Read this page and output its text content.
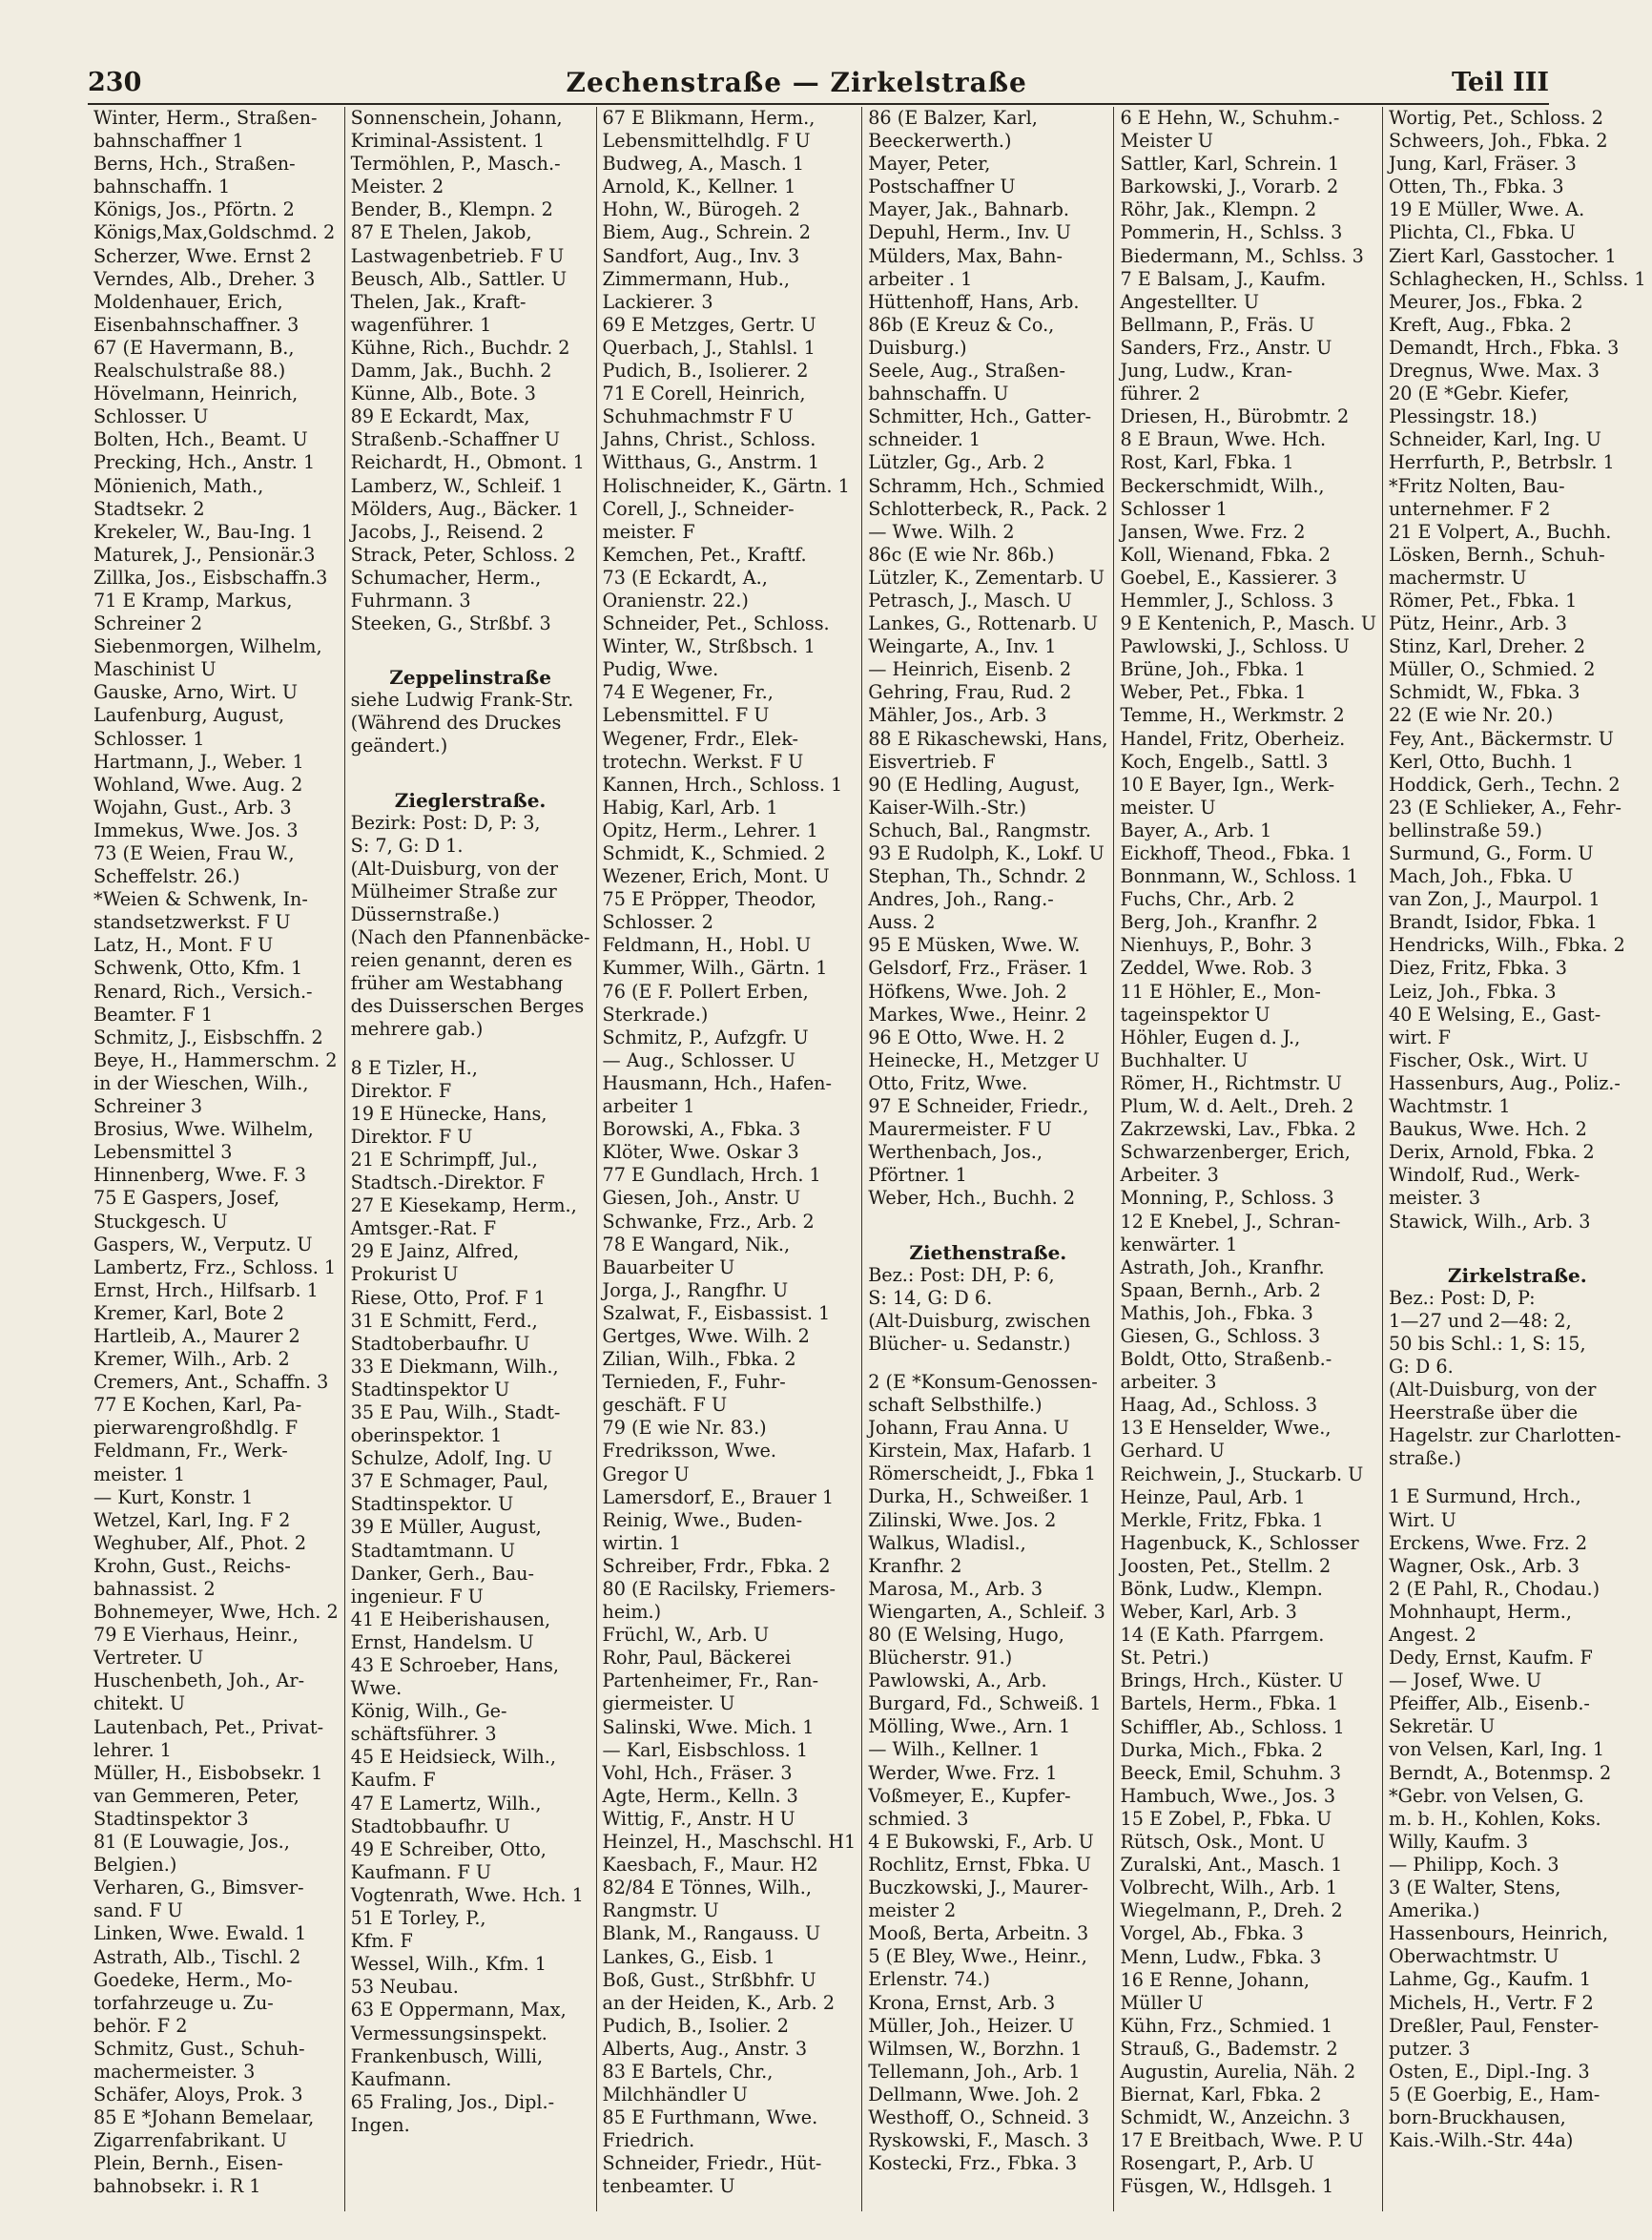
230	Zechenstraße — Zirkelstraße	Teil III
Winter, Herm., Straßen-
bahnschaffner 1
Berns, Hch., Straßen-
bahnschaffn. 1
Königs, Jos., Pförtn. 2
Königs,Max,Goldschmd. 2
Scherzer, Wwe. Ernst 2
Verndes, Alb., Dreher. 3
Moldenhauer, Erich,
Eisenbahnschaffner. 3
67 (E Havermann, B.,
Realschulstraße 88.)
Hövelmann, Heinrich,
Schlosser. U
Bolten, Hch., Beamt. U
Precking, Hch., Anstr. 1
Mönienich, Math.,
Stadtsekr. 2
Krekeler, W., Bau-Ing. 1
Maturek, J., Pensionär.3
Zillka, Jos., Eisbschaffn.3
71 E Kramp, Markus,
Schreiner 2
Siebenmorgen, Wilhelm,
Maschinist U
Gauske, Arno, Wirt. U
Laufenburg, August,
Schlosser. 1
Hartmann, J., Weber. 1
Wohland, Wwe. Aug. 2
Wojahn, Gust., Arb. 3
Immekus, Wwe. Jos. 3
73 (E Weien, Frau W.,
Scheffelstr. 26.)
*Weien & Schwenk, In-
standsetzwerkst. F U
Latz, H., Mont. F U
Schwenk, Otto, Kfm. 1
Renard, Rich., Versich.-
Beamter. F 1
Schmitz, J., Eisbschffn. 2
Beye, H., Hammerschm. 2
in der Wieschen, Wilh.,
Schreiner 3
Brosius, Wwe. Wilhelm,
Lebensmittel 3
Hinnenberg, Wwe. F. 3
75 E Gaspers, Josef,
Stuckgesch. U
Gaspers, W., Verputz. U
Lambertz, Frz., Schloss. 1
Ernst, Hrch., Hilfsarb. 1
Kremer, Karl, Bote 2
Hartleib, A., Maurer 2
Kremer, Wilh., Arb. 2
Cremers, Ant., Schaffn. 3
77 E Kochen, Karl, Pa-
pierwarengroßhdlg. F
Feldmann, Fr., Werk-
meister. 1
— Kurt, Konstr. 1
Wetzel, Karl, Ing. F 2
Weghuber, Alf., Phot. 2
Krohn, Gust., Reichs-
bahnassist. 2
Bohnemeyer, Wwe, Hch. 2
79 E Vierhaus, Heinr.,
Vertreter. U
Huschenbeth, Joh., Ar-
chitekt. U
Lautenbach, Pet., Privat-
lehrer. 1
Müller, H., Eisbobsekr. 1
van Gemmeren, Peter,
Stadtinspektor 3
81 (E Louwagie, Jos.,
Belgien.)
Verharen, G., Bimsver-
sand. F U
Linken, Wwe. Ewald. 1
Astrath, Alb., Tischl. 2
Goedeke, Herm., Mo-
torfahrzeuge u. Zu-
behör. F 2
Schmitz, Gust., Schuh-
machermeister. 3
Schäfer, Aloys, Prok. 3
85 E *Johann Bemelaar,
Zigarrenfabrikant. U
Plein, Bernh., Eisen-
bahnobsekr. i. R 1
Sonnenschein, Johann,
Kriminal-Assistent. 1
Termöhlen, P., Masch.-
Meister. 2
Bender, B., Klempn. 2
87 E Thelen, Jakob,
Lastwagenbetrieb. F U
Beusch, Alb., Sattler. U
Thelen, Jak., Kraft-
wagenführer. 1
Kühne, Rich., Buchdr. 2
Damm, Jak., Buchh. 2
Künne, Alb., Bote. 3
89 E Eckardt, Max,
Straßenb.-Schaffner U
Reichardt, H., Obmont. 1
Lamberz, W., Schleif. 1
Mölders, Aug., Bäcker. 1
Jacobs, J., Reisend. 2
Strack, Peter, Schloss. 2
Schumacher, Herm.,
Fuhrmann. 3
Steeken, G., Strßbf. 3
Zeppelinstraße
siehe Ludwig Frank-Str.
(Während des Druckes
geändert.)
Zieglerstraße.
Bezirk: Post: D, P: 3,
S: 7, G: D 1.
(Alt-Duisburg, von der
Mülheimer Straße zur
Düssernstraße.)
(Nach den Pfannenbäcke-
reien genannt, deren es
früher am Westabhang
des Duisserschen Berges
mehrere gab.)
8 E Tizler, H.,
Direktor. F
19 E Hünecke, Hans,
Direktor. F U
21 E Schrimpff, Jul.,
Stadtsch.-Direktor. F
27 E Kiesekamp, Herm.,
Amtsger.-Rat. F
29 E Jainz, Alfred,
Prokurist U
Riese, Otto, Prof. F 1
31 E Schmitt, Ferd.,
Stadtoberbaufhr. U
33 E Diekmann, Wilh.,
Stadtinspektor U
35 E Pau, Wilh., Stadt-
oberinspektor. 1
Schulze, Adolf, Ing. U
37 E Schmager, Paul,
Stadtinspektor. U
39 E Müller, August,
Stadtamtmann. U
Danker, Gerh., Bau-
ingenieur. F U
41 E Heiberishausen,
Ernst, Handelsm. U
43 E Schroeber, Hans,
Wwe.
König, Wilh., Ge-
schäftsführer. 3
45 E Heidsieck, Wilh.,
Kaufm. F
47 E Lamertz, Wilh.,
Stadtobbaufhr. U
49 E Schreiber, Otto,
Kaufmann. F U
Vogtenrath, Wwe. Hch. 1
51 E Torley, P.,
Kfm. F
Wessel, Wilh., Kfm. 1
53 Neubau.
63 E Oppermann, Max,
Vermessungsinspekt.
Frankenbusch, Willi,
Kaufmann.
65 Fraling, Jos., Dipl.-
Ingen.
67 E Blikmann, Herm.,
Lebensmittelhdlg. F U
Budweg, A., Masch. 1
Arnold, K., Kellner. 1
Hohn, W., Bürogeh. 2
Biem, Aug., Schrein. 2
Sandfort, Aug., Inv. 3
Zimmermann, Hub.,
Lackierer. 3
69 E Metzges, Gertr. U
Querbach, J., Stahlsl. 1
Pudich, B., Isolierer. 2
71 E Corell, Heinrich,
Schuhmachmstr F U
Jahns, Christ., Schloss.
Witthaus, G., Anstrm. 1
Holischneider, K., Gärtn. 1
Corell, J., Schneider-
meister. F
Kemchen, Pet., Kraftf.
73 (E Eckardt, A.,
Oranienstr. 22.)
Schneider, Pet., Schloss.
Winter, W., Strßbsch. 1
Pudig, Wwe.
74 E Wegener, Fr.,
Lebensmittel. F U
Wegener, Frdr., Elek-
trotechn. Werkst. F U
Kannen, Hrch., Schloss. 1
Habig, Karl, Arb. 1
Opitz, Herm., Lehrer. 1
Schmidt, K., Schmied. 2
Wezener, Erich, Mont. U
75 E Pröpper, Theodor,
Schlosser. 2
Feldmann, H., Hobl. U
Kummer, Wilh., Gärtn. 1
76 (E F. Pollert Erben,
Sterkrade.)
Schmitz, P., Aufzgfr. U
— Aug., Schlosser. U
Hausmann, Hch., Hafen-
arbeiter 1
Borowski, A., Fbka. 3
Klöter, Wwe. Oskar 3
77 E Gundlach, Hrch. 1
Giesen, Joh., Anstr. U
Schwanke, Frz., Arb. 2
78 E Wangard, Nik.,
Bauarbeiter U
Jorga, J., Rangfhr. U
Szalwat, F., Eisbassist. 1
Gertges, Wwe. Wilh. 2
Zilian, Wilh., Fbka. 2
Ternieden, F., Fuhr-
geschäft. F U
79 (E wie Nr. 83.)
Fredriksson, Wwe.
Gregor U
Lamersdorf, E., Brauer 1
Reinig, Wwe., Buden-
wirtin. 1
Schreiber, Frdr., Fbka. 2
80 (E Racilsky, Friemers-
heim.)
Früchl, W., Arb. U
Rohr, Paul, Bäckerei
Partenheimer, Fr., Ran-
giermeister. U
Salinski, Wwe. Mich. 1
— Karl, Eisbschloss. 1
Vohl, Hch., Fräser. 3
Agte, Herm., Kelln. 3
Wittig, F., Anstr. H U
Heinzel, H., Maschschl. H1
Kaesbach, F., Maur. H2
82/84 E Tönnes, Wilh.,
Rangmstr. U
Blank, M., Rangauss. U
Lankes, G., Eisb. 1
Boß, Gust., Strßbhfr. U
an der Heiden, K., Arb. 2
Pudich, B., Isolier. 2
Alberts, Aug., Anstr. 3
83 E Bartels, Chr.,
Milchhändler U
85 E Furthmann, Wwe.
Friedrich.
Schneider, Friedr., Hüt-
tenbeamter. U
86 (E Balzer, Karl,
Beeckerwerth.)
Mayer, Peter,
Postschaffner U
Mayer, Jak., Bahnarb.
Depuhl, Herm., Inv. U
Mülders, Max, Bahn-
arbeiter . 1
Hüttenhoff, Hans, Arb.
86b (E Kreuz & Co.,
Duisburg.)
Seele, Aug., Straßen-
bahnschaffn. U
Schmitter, Hch., Gatter-
schneider. 1
Lützler, Gg., Arb. 2
Schramm, Hch., Schmied
Schlotterbeck, R., Pack. 2
— Wwe. Wilh. 2
86c (E wie Nr. 86b.)
Lützler, K., Zementarb. U
Petrasch, J., Masch. U
Lankes, G., Rottenarb. U
Weingarte, A., Inv. 1
— Heinrich, Eisenb. 2
Gehring, Frau, Rud. 2
Mähler, Jos., Arb. 3
88 E Rikaschewski, Hans,
Eisvertrieb. F
90 (E Hedling, August,
Kaiser-Wilh.-Str.)
Schuch, Bal., Rangmstr.
93 E Rudolph, K., Lokf. U
Stephan, Th., Schndr. 2
Andres, Joh., Rang.-
Auss. 2
95 E Müsken, Wwe. W.
Gelsdorf, Frz., Fräser. 1
Höfkens, Wwe. Joh. 2
Markes, Wwe., Heinr. 2
96 E Otto, Wwe. H. 2
Heinecke, H., Metzger U
Otto, Fritz, Wwe.
97 E Schneider, Friedr.,
Maurermeister. F U
Werthenbach, Jos.,
Pförtner. 1
Weber, Hch., Buchh. 2
Ziethenstraße.
Bez.: Post: DH, P: 6,
S: 14, G: D 6.
(Alt-Duisburg, zwischen
Blücher- u. Sedanstr.)
2 (E *Konsum-Genossen-
schaft Selbsthilfe.)
Johann, Frau Anna. U
Kirstein, Max, Hafarb. 1
Römerscheidt, J., Fbka 1
Durka, H., Schweißer. 1
Zilinski, Wwe. Jos. 2
Walkus, Wladisl.,
Kranfhr. 2
Marosa, M., Arb. 3
Wiengarten, A., Schleif. 3
80 (E Welsing, Hugo,
Blücherstr. 91.)
Pawlowski, A., Arb.
Burgard, Fd., Schweiß. 1
Mölling, Wwe., Arn. 1
— Wilh., Kellner. 1
Werder, Wwe. Frz. 1
Voßmeyer, E., Kupfer-
schmied. 3
4 E Bukowski, F., Arb. U
Rochlitz, Ernst, Fbka. U
Buczkowski, J., Maurer-
meister 2
Mooß, Berta, Arbeitn. 3
5 (E Bley, Wwe., Heinr.,
Erlenstr. 74.)
Krona, Ernst, Arb. 3
Müller, Joh., Heizer. U
Wilmsen, W., Borzhn. 1
Tellemann, Joh., Arb. 1
Dellmann, Wwe. Joh. 2
Westhoff, O., Schneid. 3
Ryskowski, F., Masch. 3
Kostecki, Frz., Fbka. 3
6 E Hehn, W., Schuhm.-
Meister U
Sattler, Karl, Schrein. 1
Barkowski, J., Vorarb. 2
Röhr, Jak., Klempn. 2
Pommerin, H., Schlss. 3
Biedermann, M., Schlss. 3
7 E Balsam, J., Kaufm.
Angestellter. U
Bellmann, P., Fräs. U
Sanders, Frz., Anstr. U
Jung, Ludw., Kran-
führer. 2
Driesen, H., Bürobmtr. 2
8 E Braun, Wwe. Hch.
Rost, Karl, Fbka. 1
Beckerschmidt, Wilh.,
Schlosser 1
Jansen, Wwe. Frz. 2
Koll, Wienand, Fbka. 2
Goebel, E., Kassierer. 3
Hemmler, J., Schloss. 3
9 E Kentenich, P., Masch. U
Pawlowski, J., Schloss. U
Brüne, Joh., Fbka. 1
Weber, Pet., Fbka. 1
Temme, H., Werkmstr. 2
Handel, Fritz, Oberheiz.
Koch, Engelb., Sattl. 3
10 E Bayer, Ign., Werk-
meister. U
Bayer, A., Arb. 1
Eickhoff, Theod., Fbka. 1
Bonnmann, W., Schloss. 1
Fuchs, Chr., Arb. 2
Berg, Joh., Kranfhr. 2
Nienhuys, P., Bohr. 3
Zeddel, Wwe. Rob. 3
11 E Höhler, E., Mon-
tageinspektor U
Höhler, Eugen d. J.,
Buchhalter. U
Römer, H., Richtmstr. U
Plum, W. d. Aelt., Dreh. 2
Zakrzewski, Lav., Fbka. 2
Schwarzenberger, Erich,
Arbeiter. 3
Monning, P., Schloss. 3
12 E Knebel, J., Schran-
kenwärter. 1
Astrath, Joh., Kranfhr.
Spaan, Bernh., Arb. 2
Mathis, Joh., Fbka. 3
Giesen, G., Schloss. 3
Boldt, Otto, Straßenb.-
arbeiter. 3
Haag, Ad., Schloss. 3
13 E Henselder, Wwe.,
Gerhard. U
Reichwein, J., Stuckarb. U
Heinze, Paul, Arb. 1
Merkle, Fritz, Fbka. 1
Hagenbuck, K., Schlosser
Joosten, Pet., Stellm. 2
Bönk, Ludw., Klempn.
Weber, Karl, Arb. 3
14 (E Kath. Pfarrgem.
St. Petri.)
Brings, Hrch., Küster. U
Bartels, Herm., Fbka. 1
Schiffler, Ab., Schloss. 1
Durka, Mich., Fbka. 2
Beeck, Emil, Schuhm. 3
Hambuch, Wwe., Jos. 3
15 E Zobel, P., Fbka. U
Rütsch, Osk., Mont. U
Zuralski, Ant., Masch. 1
Volbrecht, Wilh., Arb. 1
Wiegelmann, P., Dreh. 2
Vorgel, Ab., Fbka. 3
Menn, Ludw., Fbka. 3
16 E Renne, Johann,
Müller U
Kühn, Frz., Schmied. 1
Strauß, G., Bademstr. 2
Augustin, Aurelia, Näh. 2
Biernat, Karl, Fbka. 2
Schmidt, W., Anzeichn. 3
17 E Breitbach, Wwe. P. U
Rosengart, P., Arb. U
Füsgen, W., Hdlsgeh. 1
Wortig, Pet., Schloss. 2
Schweers, Joh., Fbka. 2
Jung, Karl, Fräser. 3
Otten, Th., Fbka. 3
19 E Müller, Wwe. A.
Plichta, Cl., Fbka. U
Ziert Karl, Gasstocher. 1
Schlaghecken, H., Schlss. 1
Meurer, Jos., Fbka. 2
Kreft, Aug., Fbka. 2
Demandt, Hrch., Fbka. 3
Dregnus, Wwe. Max. 3
20 (E *Gebr. Kiefer,
Plessingstr. 18.)
Schneider, Karl, Ing. U
Herrfurth, P., Betrbslr. 1
*Fritz Nolten, Bau-
unternehmer. F 2
21 E Volpert, A., Buchh.
Lösken, Bernh., Schuh-
machermstr. U
Römer, Pet., Fbka. 1
Pütz, Heinr., Arb. 3
Stinz, Karl, Dreher. 2
Müller, O., Schmied. 2
Schmidt, W., Fbka. 3
22 (E wie Nr. 20.)
Fey, Ant., Bäckermstr. U
Kerl, Otto, Buchh. 1
Hoddick, Gerh., Techn. 2
23 (E Schlieker, A., Fehr-
bellinstraße 59.)
Surmund, G., Form. U
Mach, Joh., Fbka. U
van Zon, J., Maurpol. 1
Brandt, Isidor, Fbka. 1
Hendricks, Wilh., Fbka. 2
Diez, Fritz, Fbka. 3
Leiz, Joh., Fbka. 3
40 E Welsing, E., Gast-
wirt. F
Fischer, Osk., Wirt. U
Hassenburs, Aug., Poliz.-
Wachtmstr. 1
Baukus, Wwe. Hch. 2
Derix, Arnold, Fbka. 2
Windolf, Rud., Werk-
meister. 3
Stawick, Wilh., Arb. 3
Zirkelstraße.
Bez.: Post: D, P:
1—27 und 2—48: 2,
50 bis Schl.: 1, S: 15,
G: D 6.
(Alt-Duisburg, von der
Heerstraße über die
Hagelstr. zur Charlotten-
straße.)
1 E Surmund, Hrch.,
Wirt. U
Erckens, Wwe. Frz. 2
Wagner, Osk., Arb. 3
2 (E Pahl, R., Chodau.)
Mohnhaupt, Herm.,
Angest. 2
Dedy, Ernst, Kaufm. F
— Josef, Wwe. U
Pfeiffer, Alb., Eisenb.-
Sekretär. U
von Velsen, Karl, Ing. 1
Berndt, A., Botenmsp. 2
*Gebr. von Velsen, G.
m. b. H., Kohlen, Koks.
Willy, Kaufm. 3
— Philipp, Koch. 3
3 (E Walter, Stens,
Amerika.)
Hassenbours, Heinrich,
Oberwachtmstr. U
Lahme, Gg., Kaufm. 1
Michels, H., Vertr. F 2
Dreßler, Paul, Fenster-
putzer. 3
Osten, E., Dipl.-Ing. 3
5 (E Goerbig, E., Ham-
born-Bruckhausen,
Kais.-Wilh.-Str. 44a)
